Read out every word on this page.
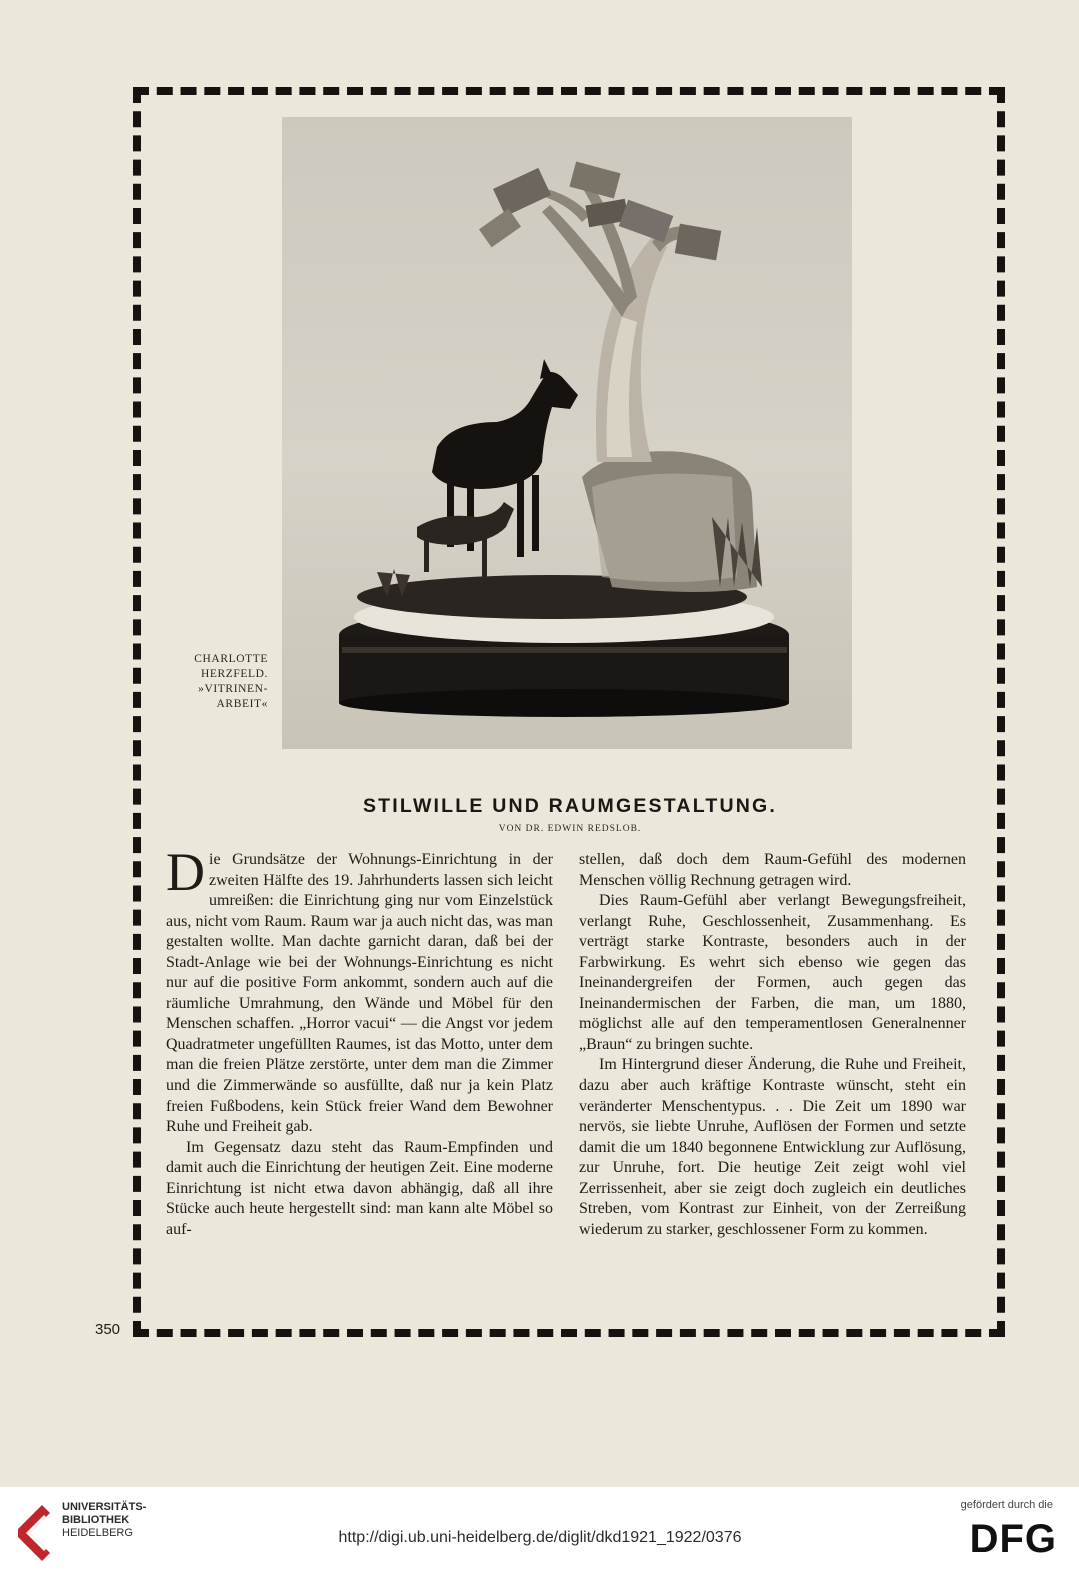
CHARLOTTE
HERZFELD.
»VITRINEN-
ARBEIT«
STILWILLE UND RAUMGESTALTUNG.
VON DR. EDWIN REDSLOB.

Die Grundsätze der Wohnungs-Einrichtung in der zweiten Hälfte des 19. Jahrhunderts lassen sich leicht umreißen: die Einrichtung ging nur vom Einzelstück aus, nicht vom Raum. Raum war ja auch nicht das, was man gestalten wollte. Man dachte garnicht daran, daß bei der Stadt-Anlage wie bei der Wohnungs-Einrichtung es nicht nur auf die positive Form ankommt, sondern auch auf die räumliche Umrahmung, den Wände und Möbel für den Menschen schaffen. „Horror vacui“ — die Angst vor jedem Quadratmeter ungefüllten Raumes, ist das Motto, unter dem man die freien Plätze zerstörte, unter dem man die Zimmer und die Zimmerwände so ausfüllte, daß nur ja kein Platz freien Fußbodens, kein Stück freier Wand dem Bewohner Ruhe und Freiheit gab.

Im Gegensatz dazu steht das Raum-Empfinden und damit auch die Einrichtung der heutigen Zeit. Eine moderne Einrichtung ist nicht etwa davon abhängig, daß all ihre Stücke auch heute hergestellt sind: man kann alte Möbel so auf-

stellen, daß doch dem Raum-Gefühl des modernen Menschen völlig Rechnung getragen wird.

Dies Raum-Gefühl aber verlangt Bewegungsfreiheit, verlangt Ruhe, Geschlossenheit, Zusammenhang. Es verträgt starke Kontraste, besonders auch in der Farbwirkung. Es wehrt sich ebenso wie gegen das Ineinandergreifen der Formen, auch gegen das Ineinandermischen der Farben, die man, um 1880, möglichst alle auf den temperamentlosen Generalnenner „Braun“ zu bringen suchte.

Im Hintergrund dieser Änderung, die Ruhe und Freiheit, dazu aber auch kräftige Kontraste wünscht, steht ein veränderter Menschentypus. . . Die Zeit um 1890 war nervös, sie liebte Unruhe, Auflösen der Formen und setzte damit die um 1840 begonnene Entwicklung zur Auflösung, zur Unruhe, fort. Die heutige Zeit zeigt wohl viel Zerrissenheit, aber sie zeigt doch zugleich ein deutliches Streben, vom Kontrast zur Einheit, von der Zerreißung wiederum zu starker, geschlossener Form zu kommen.

350
UNIVERSITÄTS-
BIBLIOTHEK
HEIDELBERG	http://digi.ub.uni-heidelberg.de/diglit/dkd1921_1922/0376
gefördert durch die
DFG
